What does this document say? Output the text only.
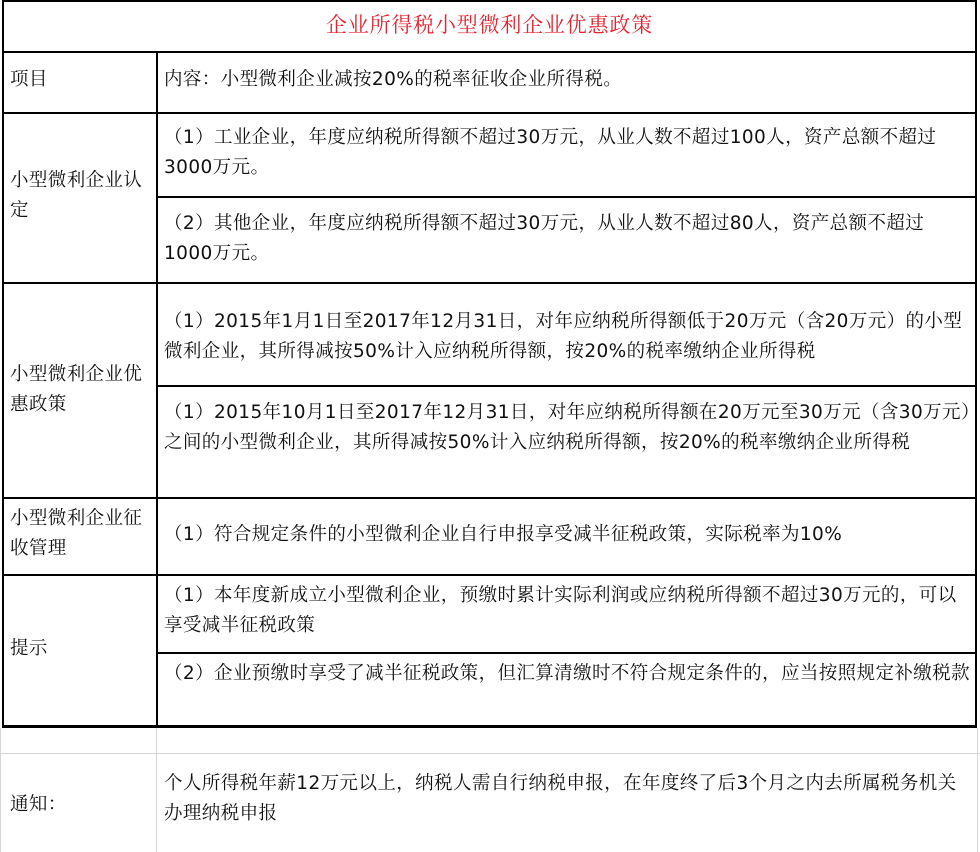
企业所得税小型微利企业优惠政策
项目	内容：小型微利企业减按20%的税率征收企业所得税。
小型微利企业认定
（1）工业企业，年度应纳税所得额不超过30万元，从业人数不超过100人，资产总额不超过3000万元。
（2）其他企业，年度应纳税所得额不超过30万元，从业人数不超过80人，资产总额不超过1000万元。
小型微利企业优惠政策
（1）2015年1月1日至2017年12月31日，对年应纳税所得额低于20万元（含20万元）的小型微利企业，其所得减按50%计入应纳税所得额，按20%的税率缴纳企业所得税
（1）2015年10月1日至2017年12月31日，对年应纳税所得额在20万元至30万元（含30万元）之间的小型微利企业，其所得减按50%计入应纳税所得额，按20%的税率缴纳企业所得税
小型微利企业征收管理
（1）符合规定条件的小型微利企业自行申报享受减半征税政策，实际税率为10%
提示
（1）本年度新成立小型微利企业，预缴时累计实际利润或应纳税所得额不超过30万元的，可以享受减半征税政策
（2）企业预缴时享受了减半征税政策，但汇算清缴时不符合规定条件的，应当按照规定补缴税款
通知：
个人所得税年薪12万元以上，纳税人需自行纳税申报，在年度终了后3个月之内去所属税务机关办理纳税申报
